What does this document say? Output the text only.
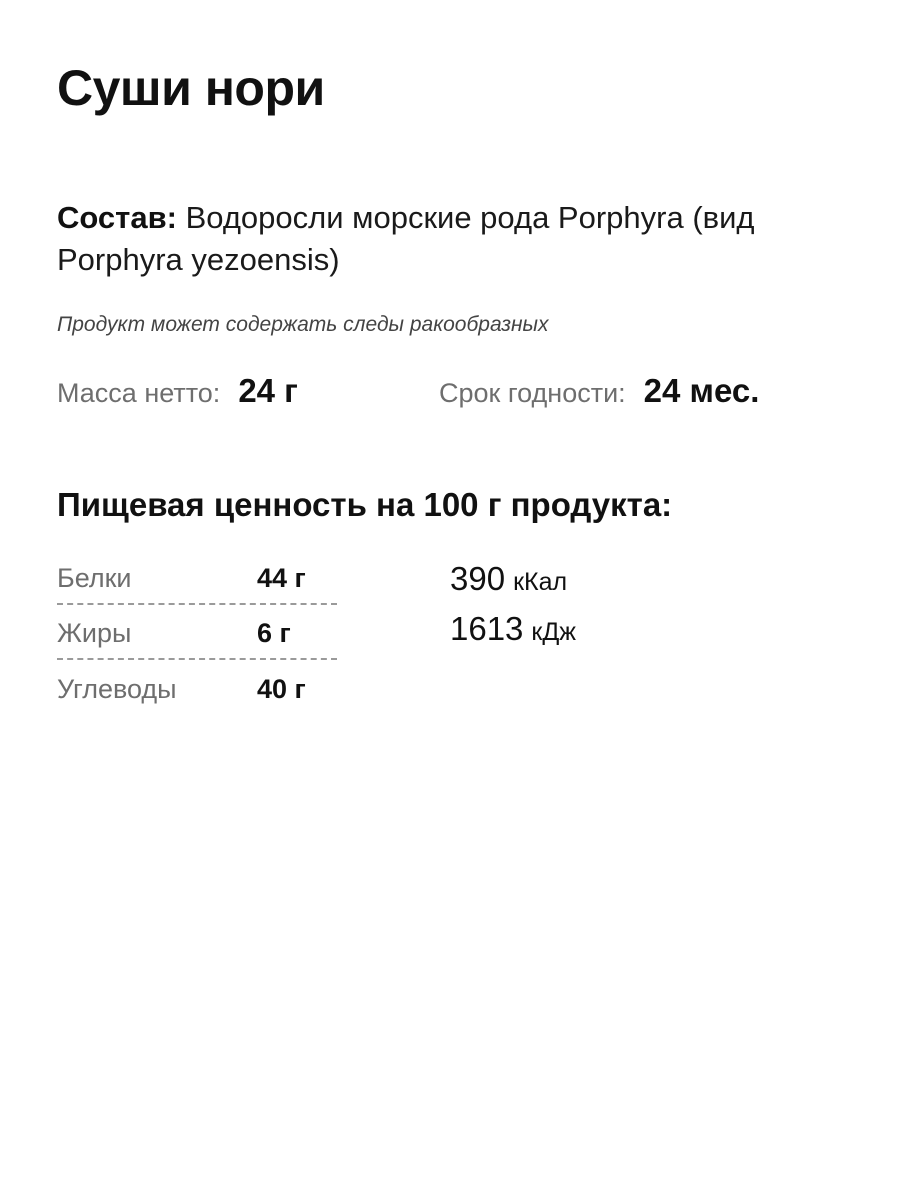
Суши нори
Состав: Водоросли морские рода Porphyra (вид Porphyra yezoensis)
Продукт может содержать следы ракообразных
Масса нетто: 24 г	Срок годности: 24 мес.
Пищевая ценность на 100 г продукта:
Белки	44 г
Жиры	6 г
Углеводы	40 г
390 кКал
1613 кДж
